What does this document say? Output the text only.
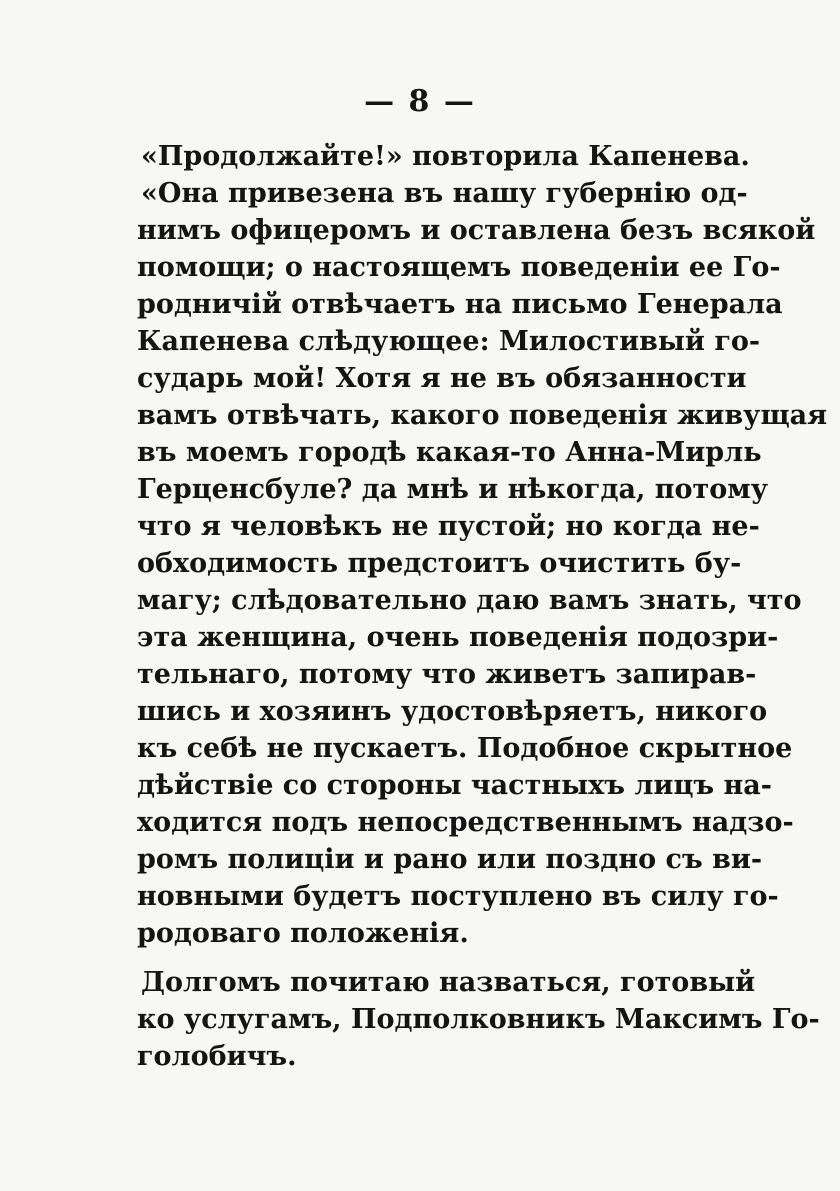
— 8 —
«Продолжайте!» повторила Капенева.
«Она привезена въ нашу губернію од-
нимъ офицеромъ и оставлена безъ всякой
помощи; о настоящемъ поведеніи ее Го-
родничій отвѣчаетъ на письмо Генерала
Капенева слѣдующее: Милостивый го-
сударь мой! Хотя я не въ обязанности
вамъ отвѣчать, какого поведенія живущая
въ моемъ городѣ какая-то Анна-Мирль
Герценсбуле? да мнѣ и нѣкогда, потому
что я человѣкъ не пустой; но когда не-
обходимость предстоитъ очистить бу-
магу; слѣдовательно даю вамъ знать, что
эта женщина, очень поведенія подозри-
тельнаго, потому что живетъ запирав-
шись и хозяинъ удостовѣряетъ, никого
къ себѣ не пускаетъ. Подобное скрытное
дѣйствіе со стороны частныхъ лицъ на-
ходится подъ непосредственнымъ надзо-
ромъ полиціи и рано или поздно съ ви-
новными будетъ поступлено въ силу го-
родоваго положенія.
Долгомъ почитаю назваться, готовый
ко услугамъ, Подполковникъ Максимъ Го-
голобичъ.
